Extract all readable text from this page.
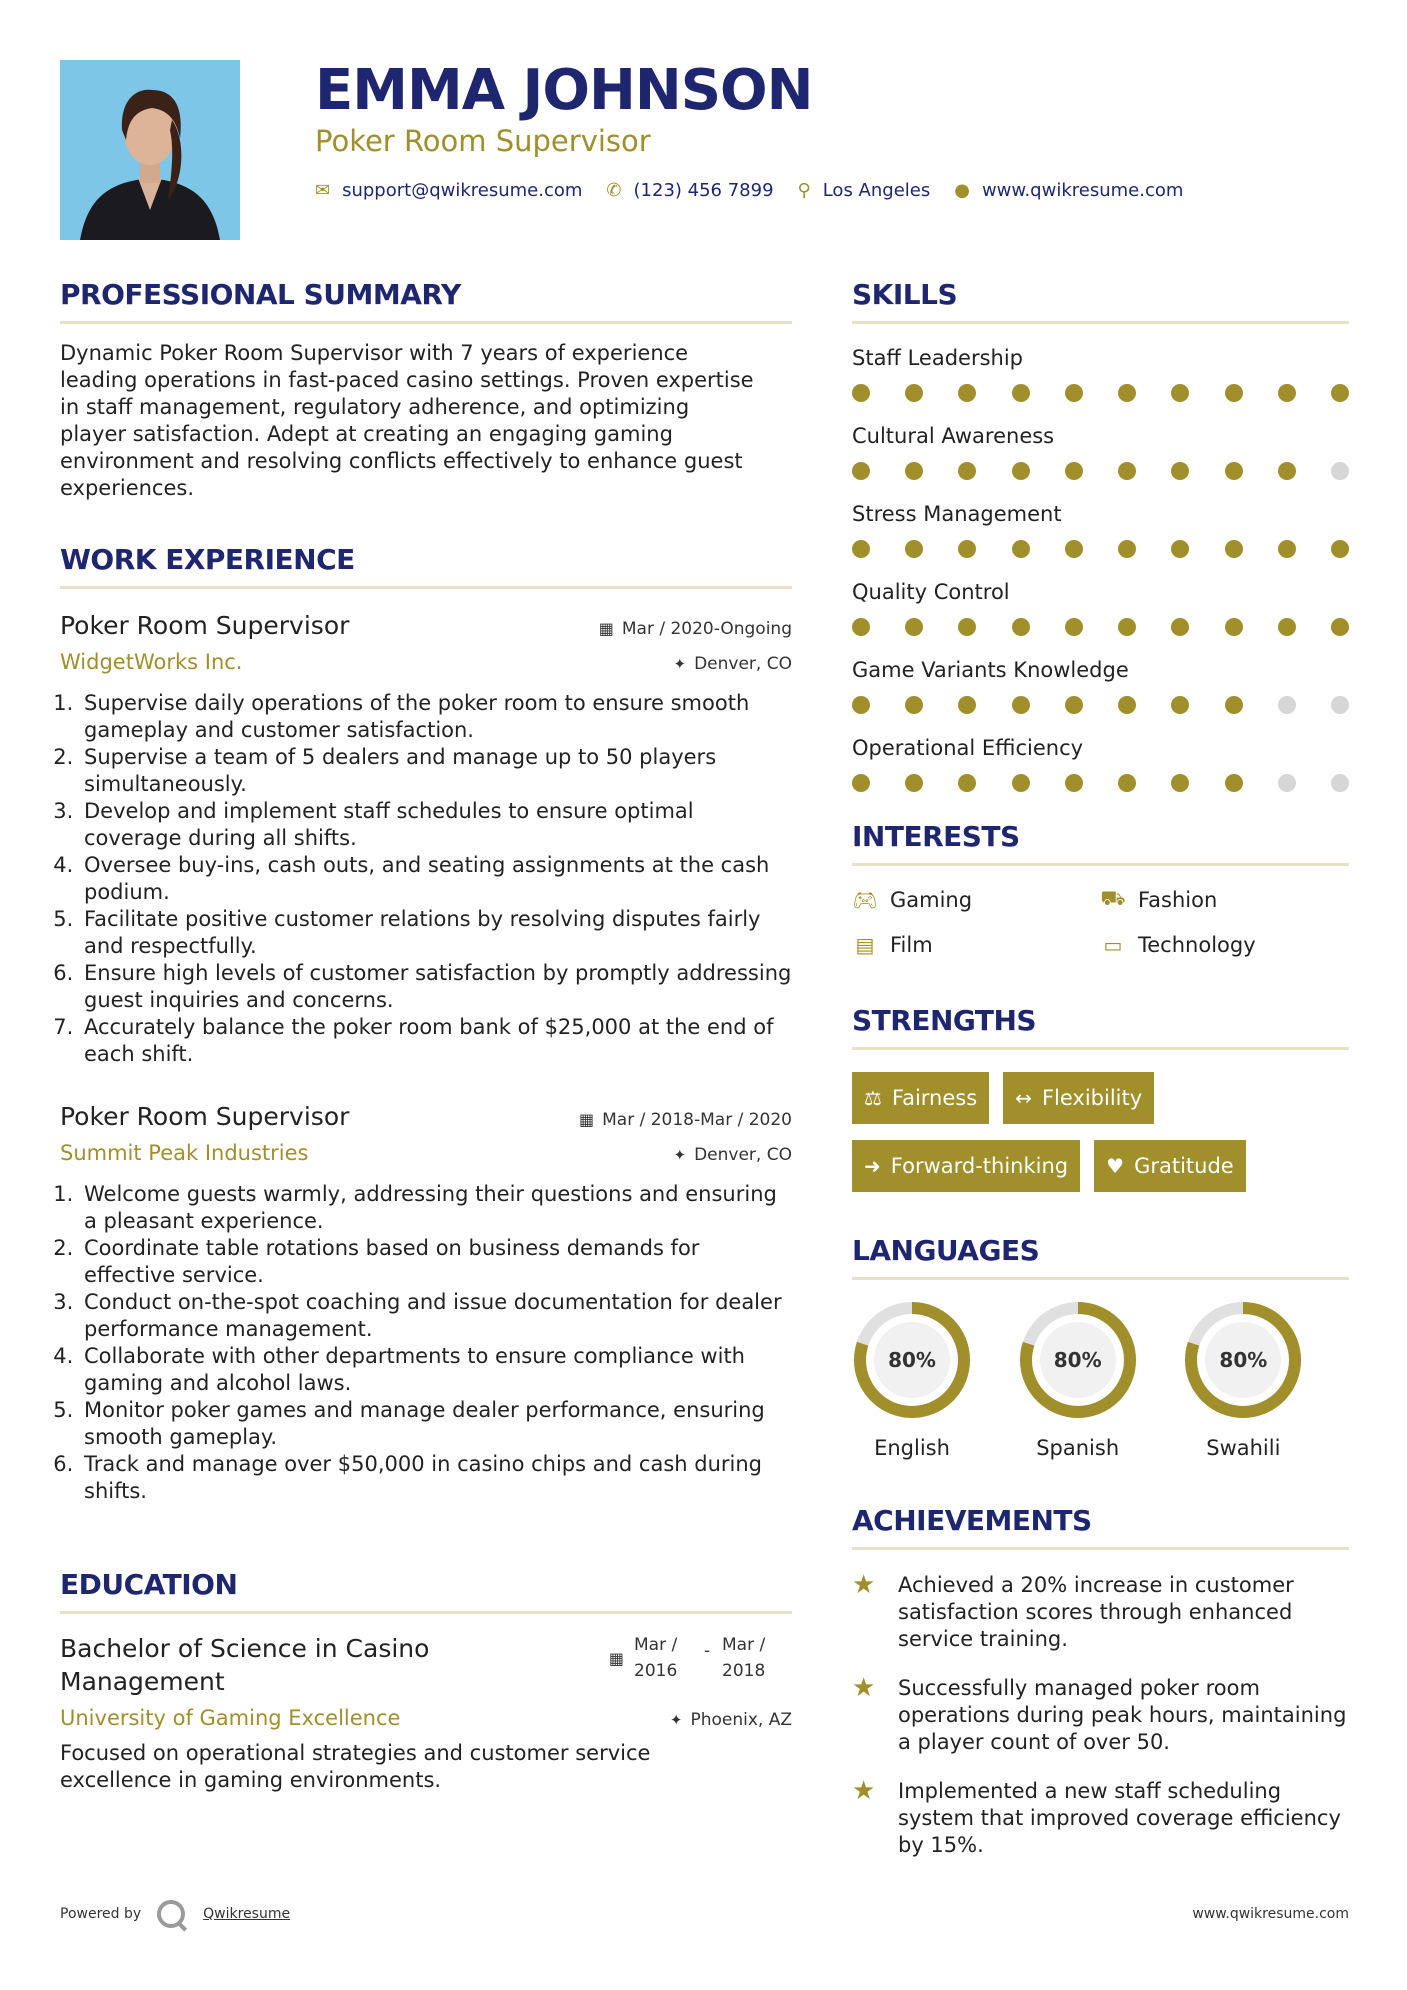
EMMA JOHNSON
Poker Room Supervisor
✉ support@qwikresume.com ✆ (123) 456 7899 ⚲ Los Angeles ● www.qwikresume.com
PROFESSIONAL SUMMARY
Dynamic Poker Room Supervisor with 7 years of experience leading operations in fast-paced casino settings. Proven expertise in staff management, regulatory adherence, and optimizing player satisfaction. Adept at creating an engaging gaming environment and resolving conflicts effectively to enhance guest experiences.
WORK EXPERIENCE
Poker Room Supervisor	▦ Mar / 2020-Ongoing
WidgetWorks Inc.	✦ Denver, CO
1. Supervise daily operations of the poker room to ensure smooth gameplay and customer satisfaction.
2. Supervise a team of 5 dealers and manage up to 50 players simultaneously.
3. Develop and implement staff schedules to ensure optimal coverage during all shifts.
4. Oversee buy-ins, cash outs, and seating assignments at the cash podium.
5. Facilitate positive customer relations by resolving disputes fairly and respectfully.
6. Ensure high levels of customer satisfaction by promptly addressing guest inquiries and concerns.
7. Accurately balance the poker room bank of $25,000 at the end of each shift.
Poker Room Supervisor	▦ Mar / 2018-Mar / 2020
Summit Peak Industries	✦ Denver, CO
1. Welcome guests warmly, addressing their questions and ensuring a pleasant experience.
2. Coordinate table rotations based on business demands for effective service.
3. Conduct on-the-spot coaching and issue documentation for dealer performance management.
4. Collaborate with other departments to ensure compliance with gaming and alcohol laws.
5. Monitor poker games and manage dealer performance, ensuring smooth gameplay.
6. Track and manage over $50,000 in casino chips and cash during shifts.
EDUCATION
Bachelor of Science in Casino Management
▦
Mar /
2016
- Mar /
2018
University of Gaming Excellence	✦ Phoenix, AZ
Focused on operational strategies and customer service excellence in gaming environments.
SKILLS
Staff Leadership
Cultural Awareness
Stress Management
Quality Control
Game Variants Knowledge
Operational Efficiency
INTERESTS
🎮︎ Gaming	⛟ Fashion
▤ Film	▭ Technology
STRENGTHS
⚖ Fairness ↔ Flexibility
➜ Forward-thinking ♥ Gratitude
LANGUAGES
80%
English
80%
Spanish
80%
Swahili
ACHIEVEMENTS
★	Achieved a 20% increase in customer satisfaction scores through enhanced service training.
★	Successfully managed poker room operations during peak hours, maintaining a player count of over 50.
★	Implemented a new staff scheduling system that improved coverage efficiency by 15%.
Powered by	Qwikresume	www.qwikresume.com
